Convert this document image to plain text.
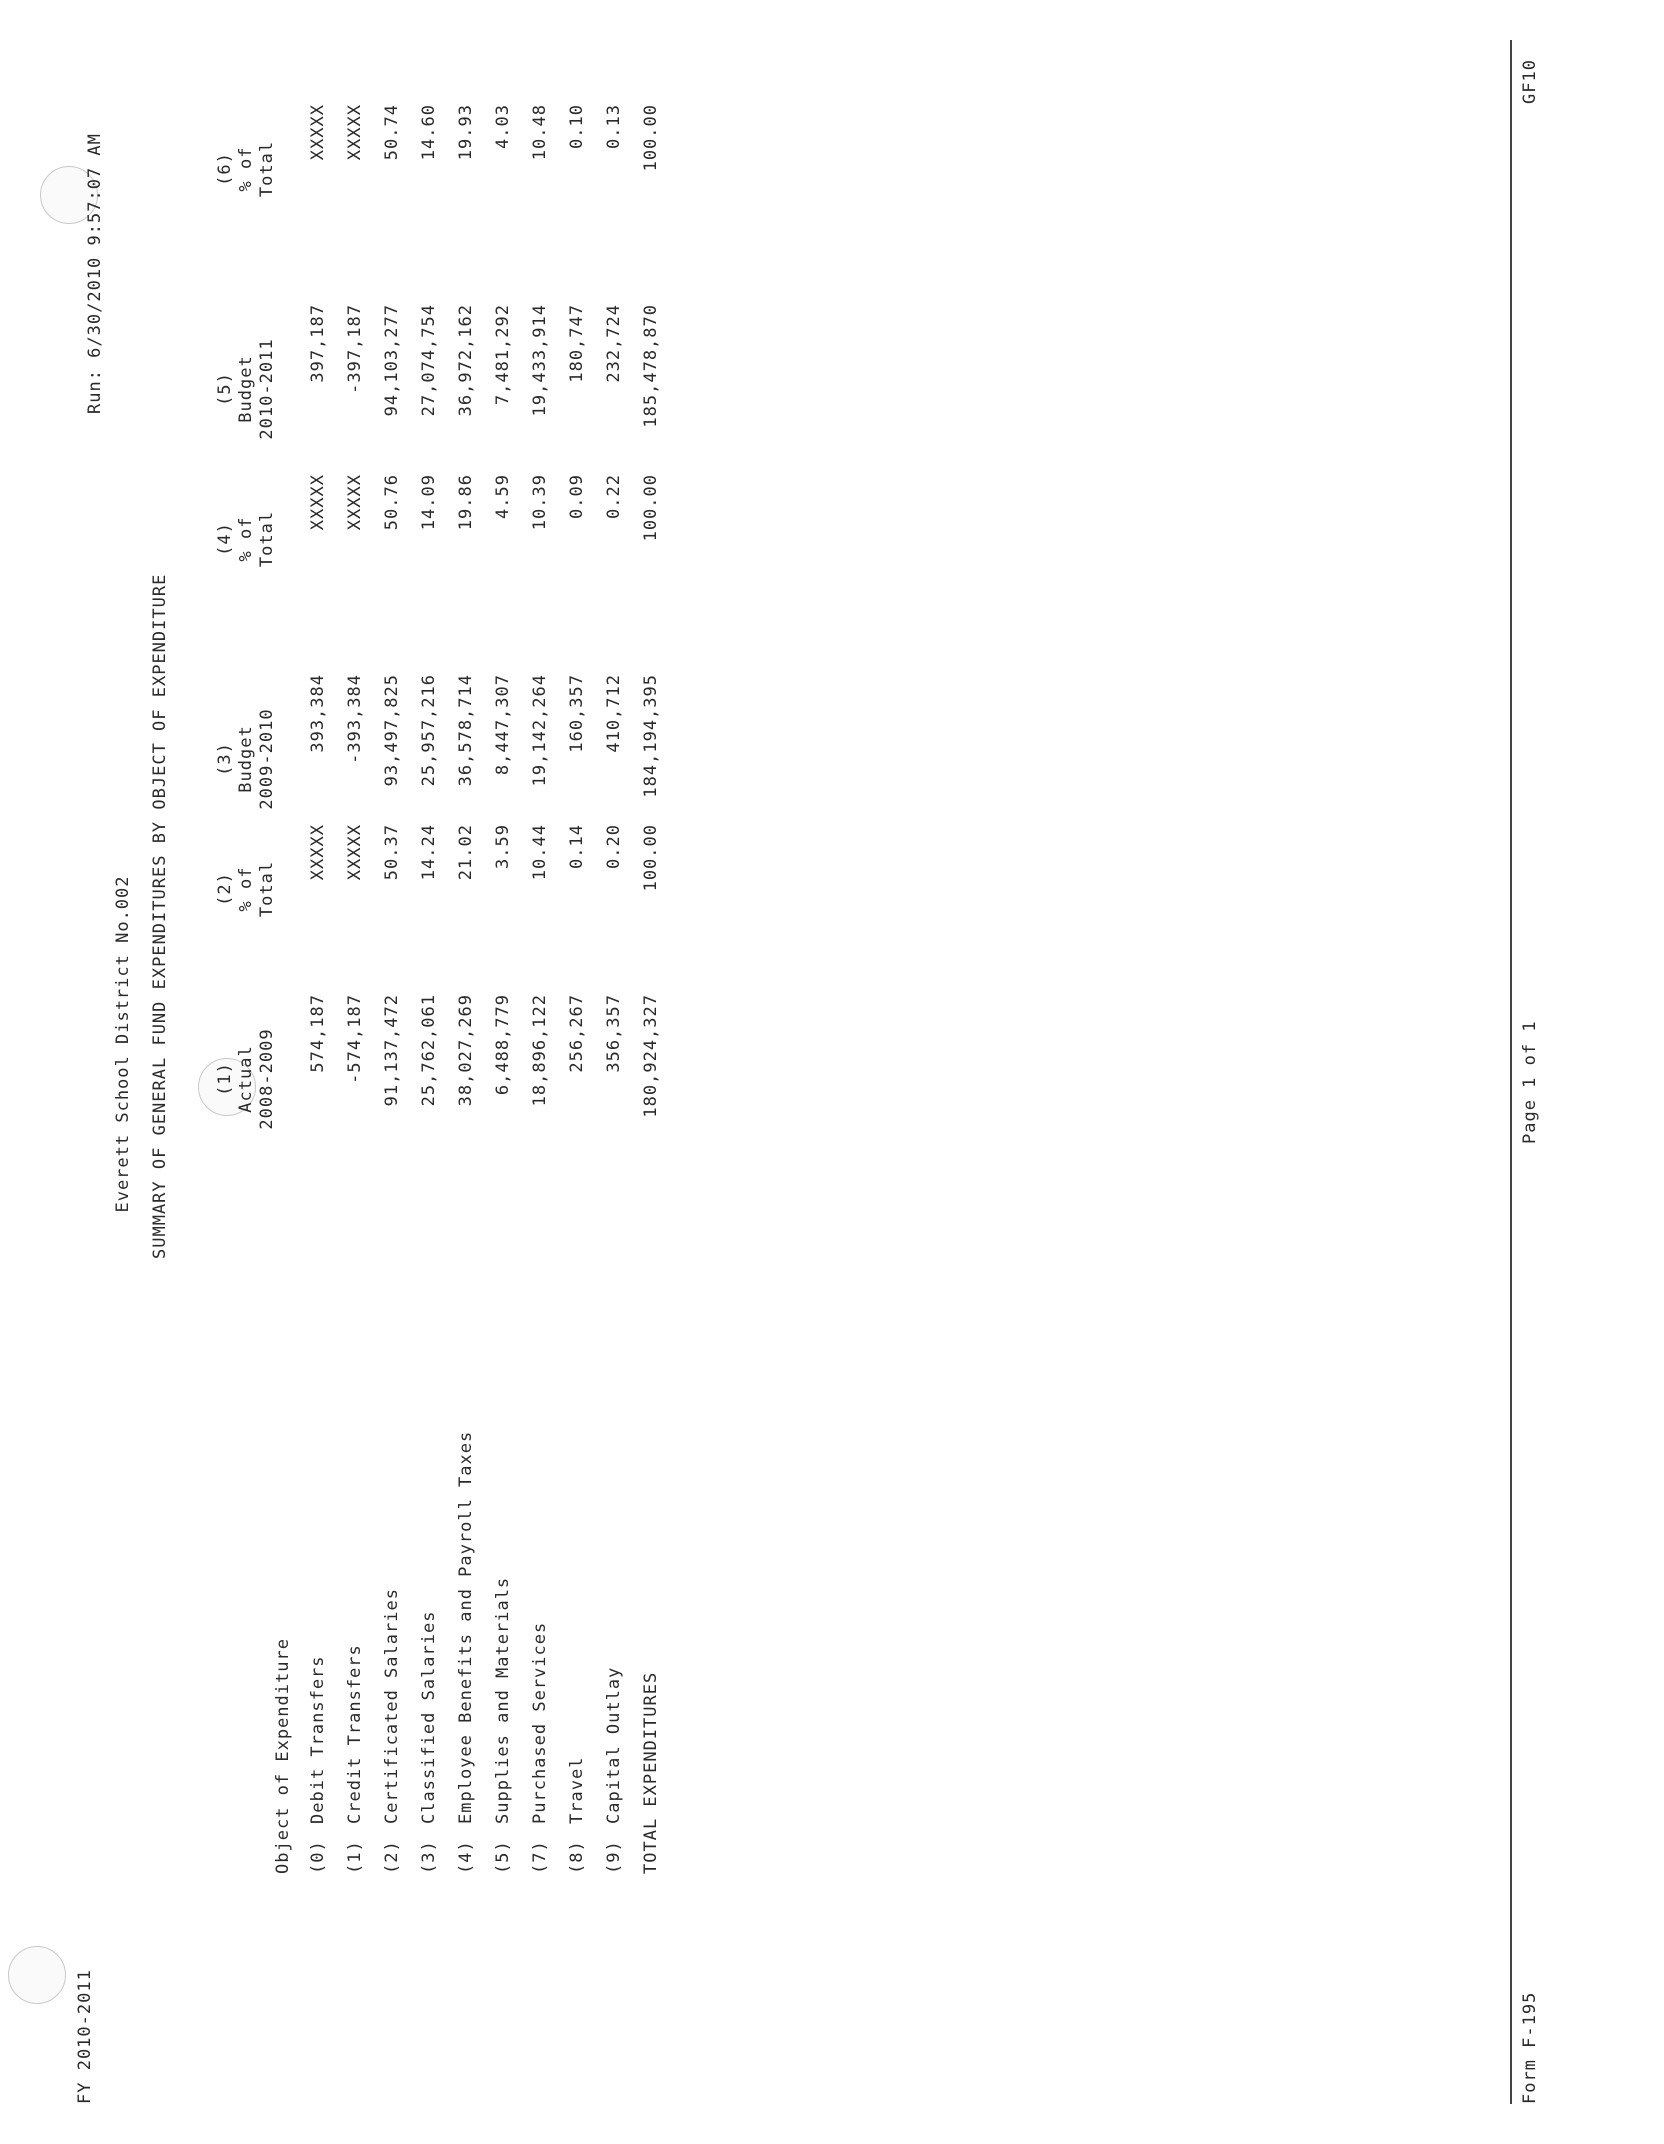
FY 2010-2011
Run: 6/30/2010 9:57:07 AM
Everett School District No.002 SUMMARY OF GENERAL FUND EXPENDITURES BY OBJECT OF EXPENDITURE	(1)
Actual
2008-2009
(2)
% of
Total
(3)
Budget
2009-2010
(4)
% of
Total
(5)
Budget
2010-2011
(6)
% of
Total
Object of Expenditure (0)
Debit Transfers
574,187
XXXXX
393,384
XXXXX
397,187
XXXXX
(1)
Credit Transfers
-574,187
XXXXX
-393,384
XXXXX
-397,187
XXXXX
(2)
Certificated Salaries
91,137,472
50.37
93,497,825
50.76
94,103,277
50.74
(3)
Classified Salaries
25,762,061
14.24
25,957,216
14.09
27,074,754
14.60
(4)
Employee Benefits and Payroll Taxes
38,027,269
21.02
36,578,714
19.86
36,972,162
19.93
(5)
Supplies and Materials
6,488,779
3.59
8,447,307
4.59
7,481,292
4.03
(7)
Purchased Services
18,896,122
10.44
19,142,264
10.39
19,433,914
10.48
(8)
Travel
256,267
0.14
160,357
0.09
180,747
0.10
(9)
Capital Outlay
356,357
0.20
410,712
0.22
232,724
0.13
TOTAL EXPENDITURES
180,924,327
100.00
184,194,395
100.00
185,478,870
100.00
Form F-195
Page 1 of 1
GF10
